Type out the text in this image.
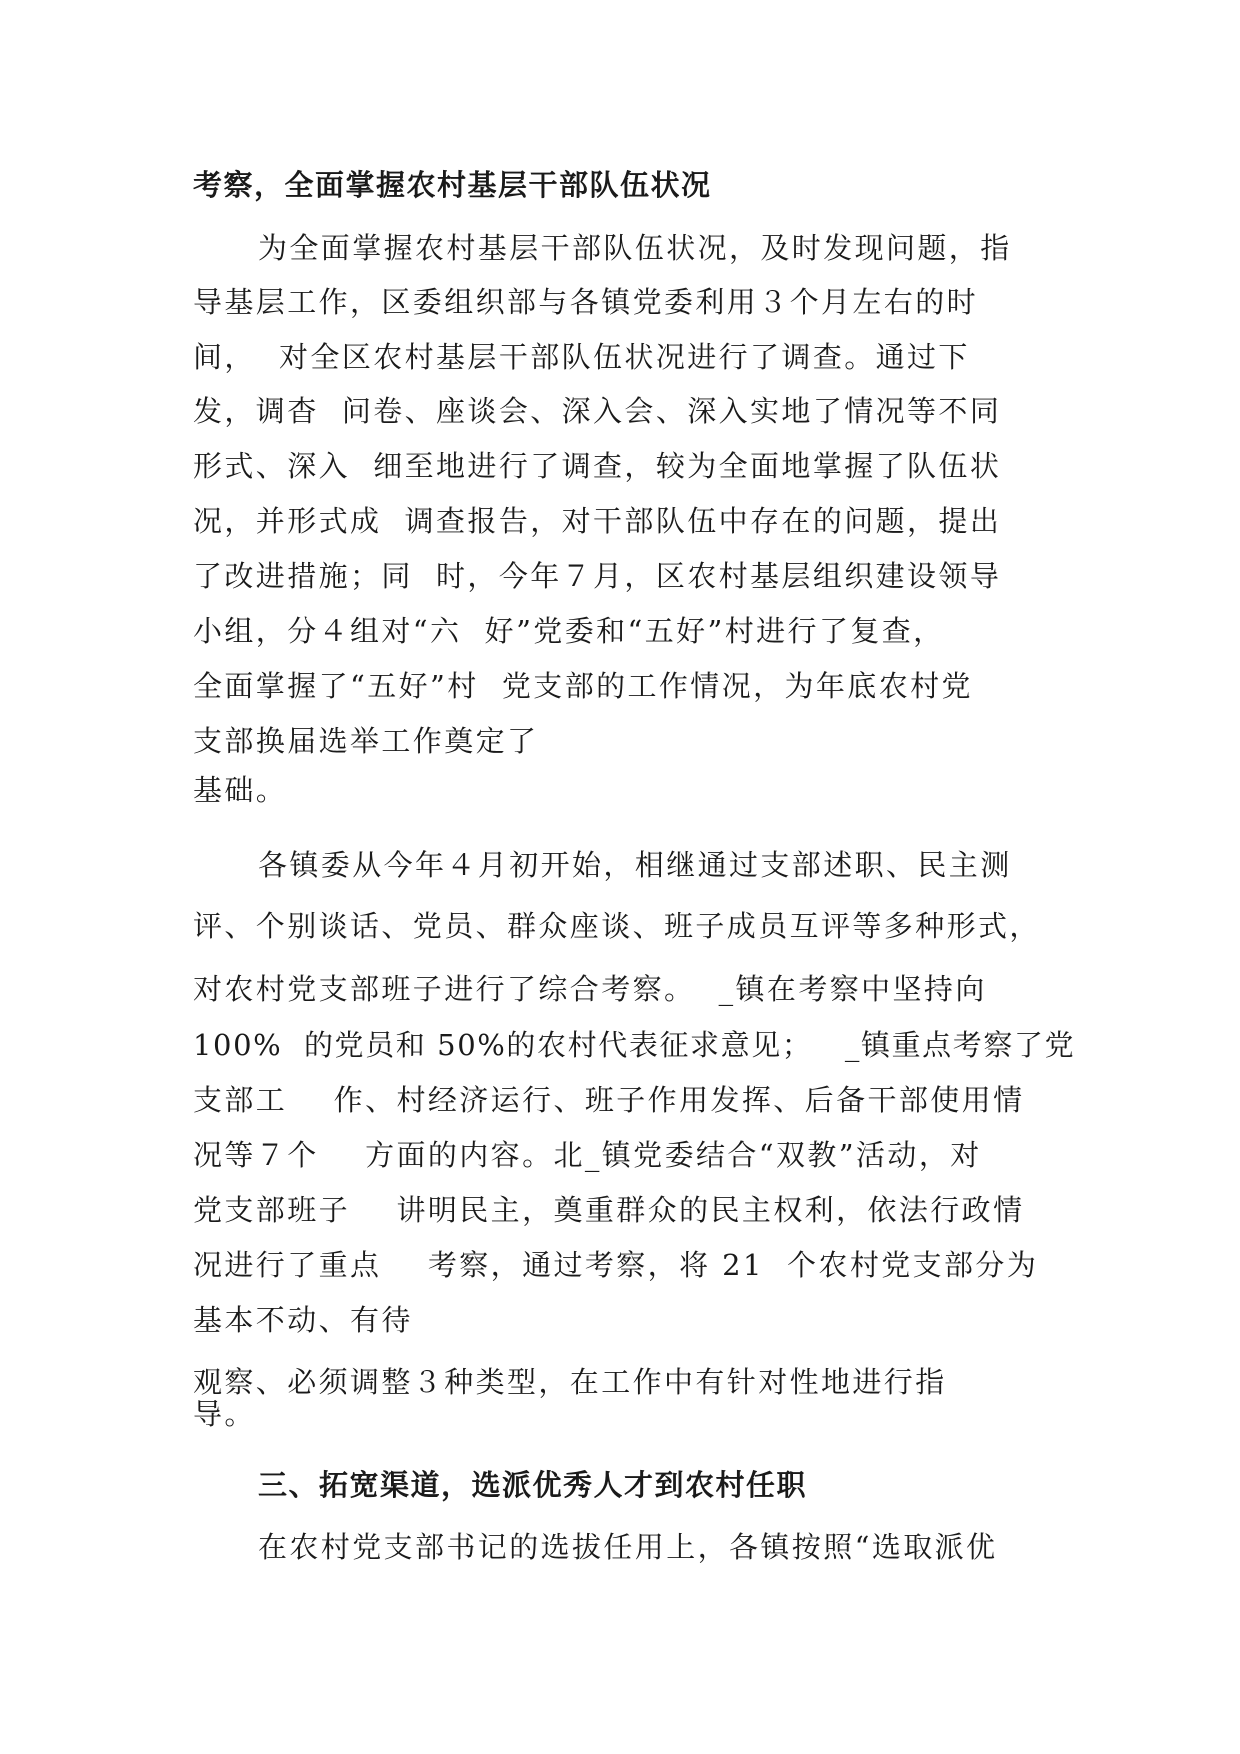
考察，全面掌握农村基层干部队伍状况

为全面掌握农村基层干部队伍状况，及时发现问题，指

导基层工作，区委组织部与各镇党委利用３个月左右的时

间，  对全区农村基层干部队伍状况进行了调查。通过下

发，调杳  问卷、座谈会、深入会、深入实地了情况等不同

形式、深入  细至地进行了调查，较为全面地掌握了队伍状

况，并形式成  调查报告，对干部队伍中存在的问题，提出

了改进措施；同  时，今年７月，区农村基层组织建设领导

小组，分４组对“六  好”党委和“五好”村进行了复查，

全面掌握了“五好”村  党支部的工作情况，为年底农村党

支部换届选举工作奠定了

基础。

各镇委从今年４月初开始，相继通过支部述职、民主测

评、个别谈话、党员、群众座谈、班子成员互评等多种形式，

对农村党支部班子进行了综合考察。  _镇在考察中坚持向

100%  的党员和 50%的农村代表征求意见；   _镇重点考察了党

支部工    作、村经济运行、班子作用发挥、后备干部使用情

况等７个    方面的内容。北_镇党委结合“双教”活动，对

党支部班子    讲明民主，奠重群众的民主权利，依法行政情

况进行了重点    考察，通过考察，将 21  个农村党支部分为

基本不动、有待

观察、必须调整３种类型，在工作中有针对性地进行指

导。

三、拓宽渠道，选派优秀人才到农村任职

在农村党支部书记的选拔任用上，各镇按照“选取派优
